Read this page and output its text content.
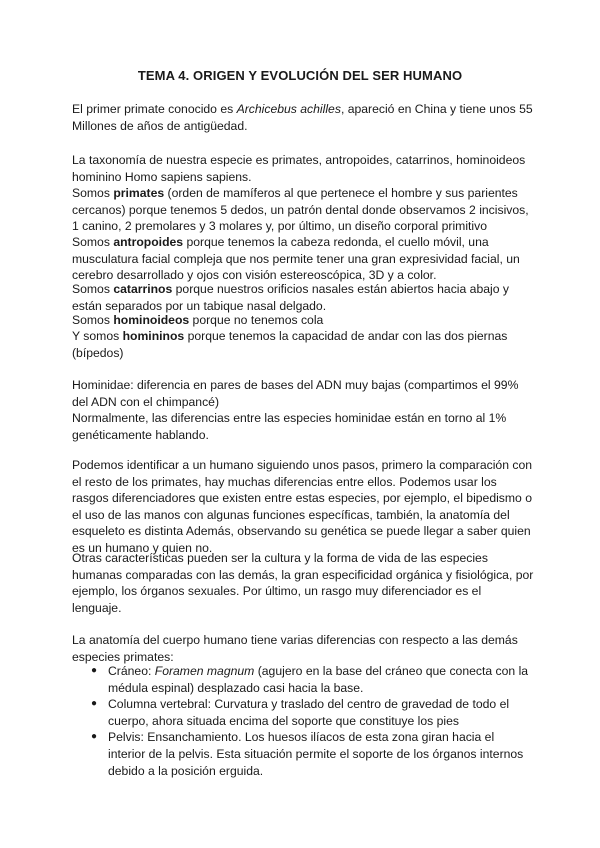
TEMA 4. ORIGEN Y EVOLUCIÓN DEL SER HUMANO
El primer primate conocido es Archicebus achilles, apareció en China y tiene unos 55 Millones de años de antigüedad.
La taxonomía de nuestra especie es primates, antropoides, catarrinos, hominoideos hominino Homo sapiens sapiens.
Somos primates (orden de mamíferos al que pertenece el hombre y sus parientes cercanos) porque tenemos 5 dedos, un patrón dental donde observamos 2 incisivos, 1 canino, 2 premolares y 3 molares y, por último, un diseño corporal primitivo
Somos antropoides porque tenemos la cabeza redonda, el cuello móvil, una musculatura facial compleja que nos permite tener una gran expresividad facial, un cerebro desarrollado y ojos con visión estereoscópica, 3D y a color.
Somos catarrinos porque nuestros orificios nasales están abiertos hacia abajo y están separados por un tabique nasal delgado.
Somos hominoideos porque no tenemos cola
Y somos homininos porque tenemos la capacidad de andar con las dos piernas (bípedos)
Hominidae: diferencia en pares de bases del ADN muy bajas (compartimos el 99% del ADN con el chimpancé)
Normalmente, las diferencias entre las especies hominidae están en torno al 1% genéticamente hablando.
Podemos identificar a un humano siguiendo unos pasos, primero la comparación con el resto de los primates, hay muchas diferencias entre ellos. Podemos usar los rasgos diferenciadores que existen entre estas especies, por ejemplo, el bipedismo o el uso de las manos con algunas funciones específicas, también, la anatomía del esqueleto es distinta Además, observando su genética se puede llegar a saber quien es un humano y quien no.
Otras características pueden ser la cultura y la forma de vida de las especies humanas comparadas con las demás, la gran especificidad orgánica y fisiológica, por ejemplo, los órganos sexuales. Por último, un rasgo muy diferenciador es el lenguaje.
La anatomía del cuerpo humano tiene varias diferencias con respecto a las demás especies primates:
● Cráneo: Foramen magnum (agujero en la base del cráneo que conecta con la médula espinal) desplazado casi hacia la base.
● Columna vertebral: Curvatura y traslado del centro de gravedad de todo el cuerpo, ahora situada encima del soporte que constituye los pies
● Pelvis: Ensanchamiento. Los huesos ilíacos de esta zona giran hacia el interior de la pelvis. Esta situación permite el soporte de los órganos internos debido a la posición erguida.
